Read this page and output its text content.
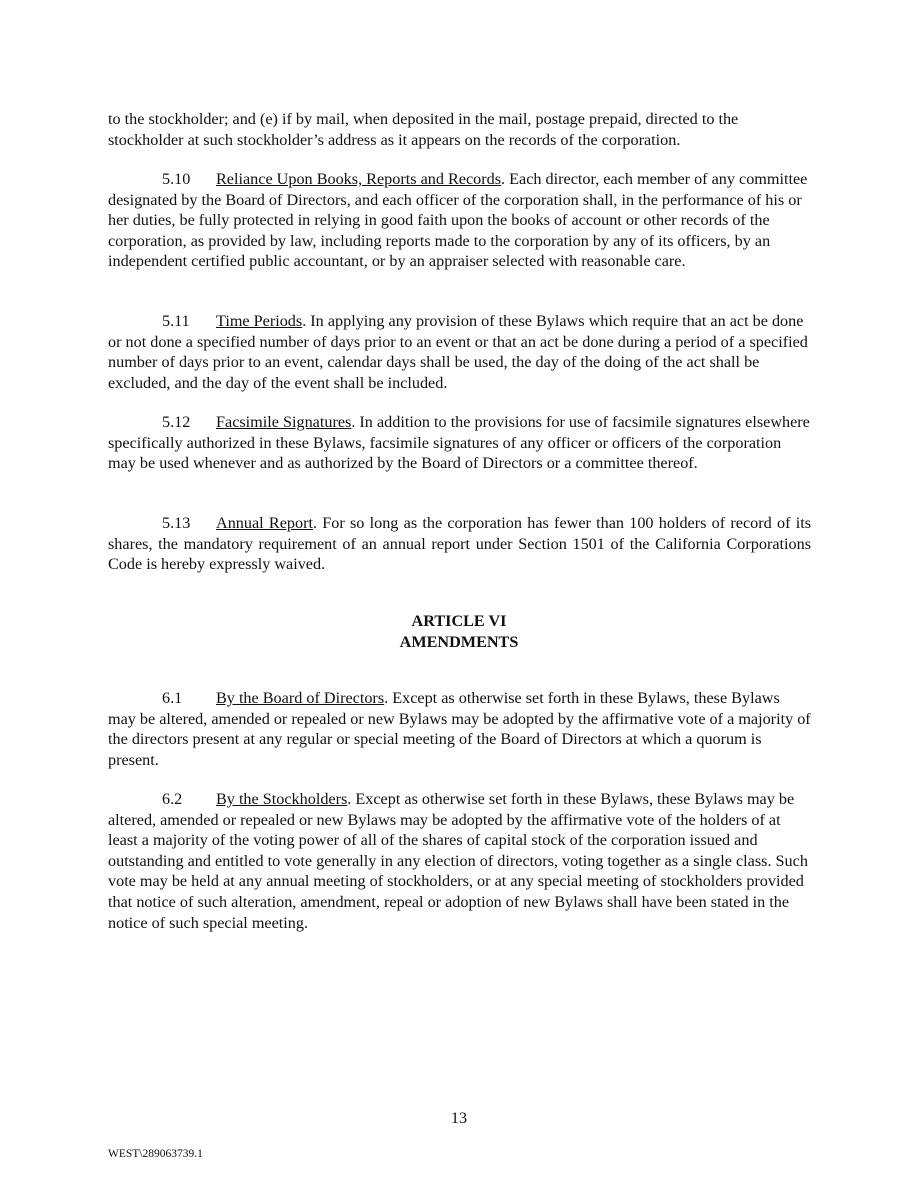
to the stockholder; and (e) if by mail, when deposited in the mail, postage prepaid, directed to the stockholder at such stockholder’s address as it appears on the records of the corporation.

5.10 Reliance Upon Books, Reports and Records. Each director, each member of any committee designated by the Board of Directors, and each officer of the corporation shall, in the performance of his or her duties, be fully protected in relying in good faith upon the books of account or other records of the corporation, as provided by law, including reports made to the corporation by any of its officers, by an independent certified public accountant, or by an appraiser selected with reasonable care.

5.11 Time Periods. In applying any provision of these Bylaws which require that an act be done or not done a specified number of days prior to an event or that an act be done during a period of a specified number of days prior to an event, calendar days shall be used, the day of the doing of the act shall be excluded, and the day of the event shall be included.

5.12 Facsimile Signatures. In addition to the provisions for use of facsimile signatures elsewhere specifically authorized in these Bylaws, facsimile signatures of any officer or officers of the corporation may be used whenever and as authorized by the Board of Directors or a committee thereof.

5.13 Annual Report. For so long as the corporation has fewer than 100 holders of record of its shares, the mandatory requirement of an annual report under Section 1501 of the California Corporations Code is hereby expressly waived.

ARTICLE VI

AMENDMENTS

6.1 By the Board of Directors. Except as otherwise set forth in these Bylaws, these Bylaws may be altered, amended or repealed or new Bylaws may be adopted by the affirmative vote of a majority of the directors present at any regular or special meeting of the Board of Directors at which a quorum is present.

6.2 By the Stockholders. Except as otherwise set forth in these Bylaws, these Bylaws may be altered, amended or repealed or new Bylaws may be adopted by the affirmative vote of the holders of at least a majority of the voting power of all of the shares of capital stock of the corporation issued and outstanding and entitled to vote generally in any election of directors, voting together as a single class. Such vote may be held at any annual meeting of stockholders, or at any special meeting of stockholders provided that notice of such alteration, amendment, repeal or adoption of new Bylaws shall have been stated in the notice of such special meeting.

13

WEST\289063739.1
